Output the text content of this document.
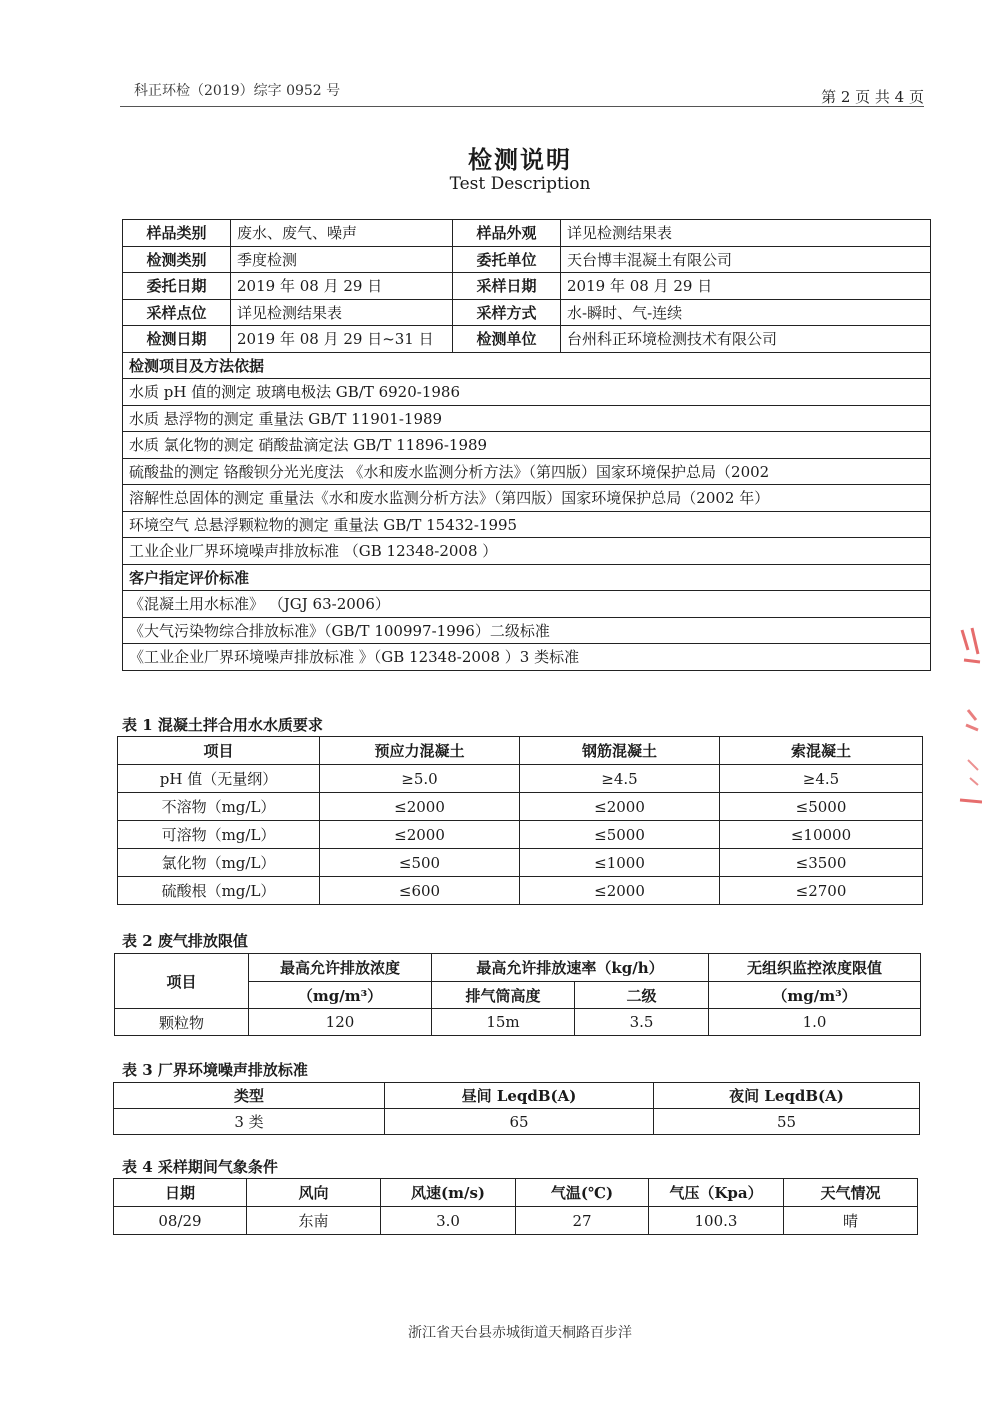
科正环检（2019）综字 0952 号	第 2 页 共 4 页
检测说明
Test Description
样品类别	废水、废气、噪声	样品外观	详见检测结果表
检测类别	季度检测	委托单位	天台博丰混凝土有限公司
委托日期	2019 年 08 月 29 日	采样日期	2019 年 08 月 29 日
采样点位	详见检测结果表	采样方式	水-瞬时、气-连续
检测日期	2019 年 08 月 29 日~31 日	检测单位	台州科正环境检测技术有限公司
检测项目及方法依据			
水质 pH 值的测定 玻璃电极法 GB/T 6920-1986			
水质 悬浮物的测定 重量法 GB/T 11901-1989			
水质 氯化物的测定 硝酸盐滴定法 GB/T 11896-1989			
硫酸盐的测定 铬酸钡分光光度法 《水和废水监测分析方法》（第四版）国家环境保护总局（2002			
溶解性总固体的测定 重量法《水和废水监测分析方法》（第四版）国家环境保护总局（2002 年）			
环境空气 总悬浮颗粒物的测定 重量法 GB/T 15432-1995			
工业企业厂界环境噪声排放标准 （GB 12348-2008 ）			
客户指定评价标准			
《混凝土用水标准》 （JGJ 63-2006）			
《大气污染物综合排放标准》（GB/T 100997-1996）二级标准			
《工业企业厂界环境噪声排放标准 》（GB 12348-2008 ）3 类标准			
表 1 混凝土拌合用水水质要求
项目	预应力混凝土	钢筋混凝土	索混凝土
pH 值（无量纲）	≥5.0	≥4.5	≥4.5
不溶物（mg/L）	≤2000	≤2000	≤5000
可溶物（mg/L）	≤2000	≤5000	≤10000
氯化物（mg/L）	≤500	≤1000	≤3500
硫酸根（mg/L）	≤600	≤2000	≤2700
表 2 废气排放限值
项目	最高允许排放浓度	最高允许排放速率（kg/h）		无组织监控浓度限值
	（mg/m³）	排气筒高度	二级	（mg/m³）
颗粒物	120	15m	3.5	1.0
表 3 厂界环境噪声排放标准
类型	昼间 LeqdB(A)	夜间 LeqdB(A)
3 类	65	55
表 4 采样期间气象条件
日期	风向	风速(m/s)	气温(℃)	气压（Kpa）	天气情况
08/29	东南	3.0	27	100.3	晴
浙江省天台县赤城街道天桐路百步洋
